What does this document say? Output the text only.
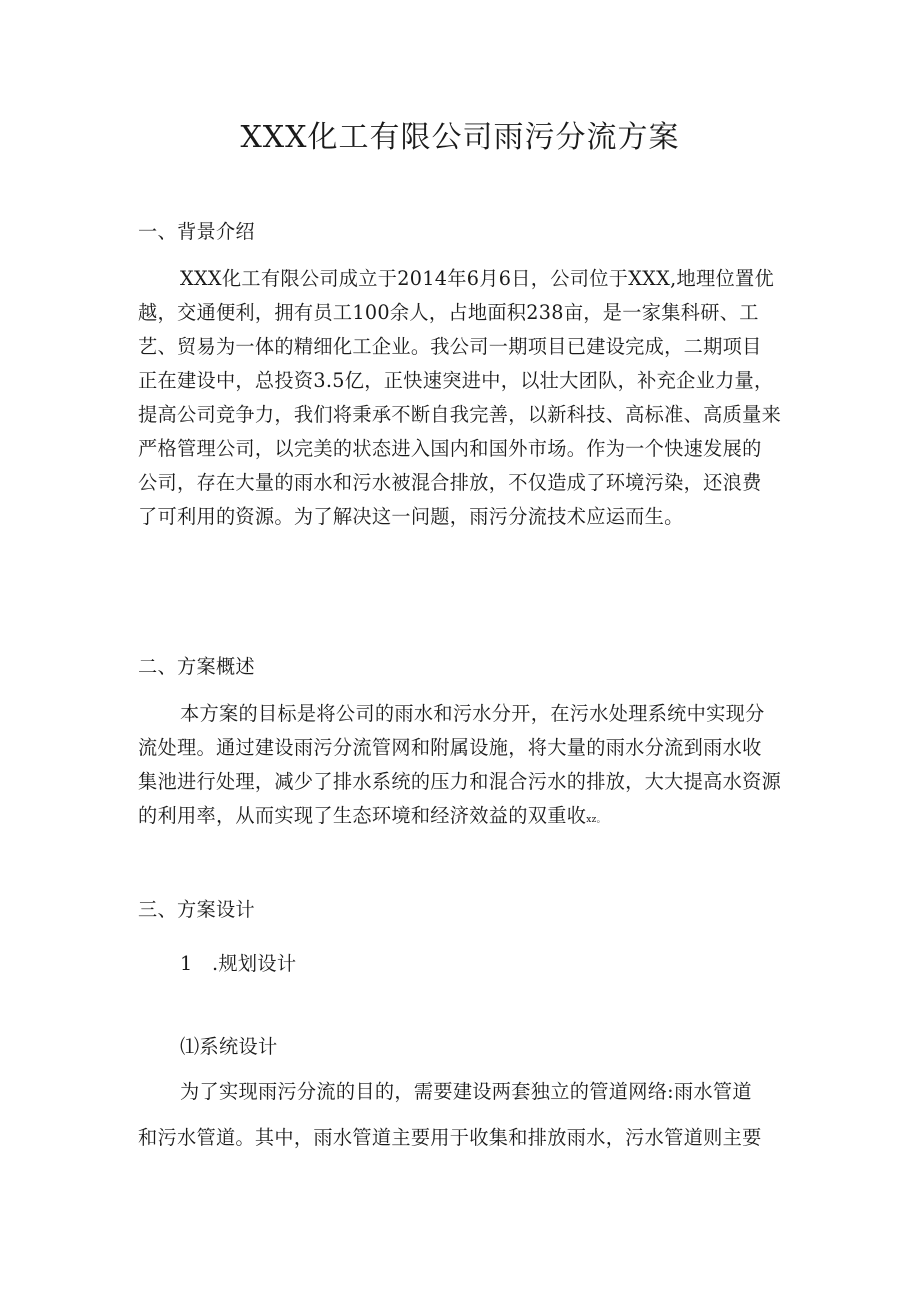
XXX化工有限公司雨污分流方案
一、背景介绍
XXX化工有限公司成立于2014年6月6日，公司位于XXX,地理位置优
越，交通便利，拥有员工100余人，占地面积238亩，是一家集科研、工
艺、贸易为一体的精细化工企业。我公司一期项目已建设完成，二期项目
正在建设中，总投资3.5亿，正快速突进中，以壮大团队，补充企业力量，
提高公司竞争力，我们将秉承不断自我完善，以新科技、高标准、高质量来
严格管理公司，以完美的状态进入国内和国外市场。作为一个快速发展的
公司，存在大量的雨水和污水被混合排放，不仅造成了环境污染，还浪费
了可利用的资源。为了解决这一问题，雨污分流技术应运而生。
二、方案概述
本方案的目标是将公司的雨水和污水分开，在污水处理系统中实现分
流处理。通过建设雨污分流管网和附属设施，将大量的雨水分流到雨水收
集池进行处理，减少了排水系统的压力和混合污水的排放，大大提高水资源
的利用率，从而实现了生态环境和经济效益的双重收xz。
三、方案设计
1　.规划设计
⑴系统设计
为了实现雨污分流的目的，需要建设两套独立的管道网络:雨水管道
和污水管道。其中，雨水管道主要用于收集和排放雨水，污水管道则主要
